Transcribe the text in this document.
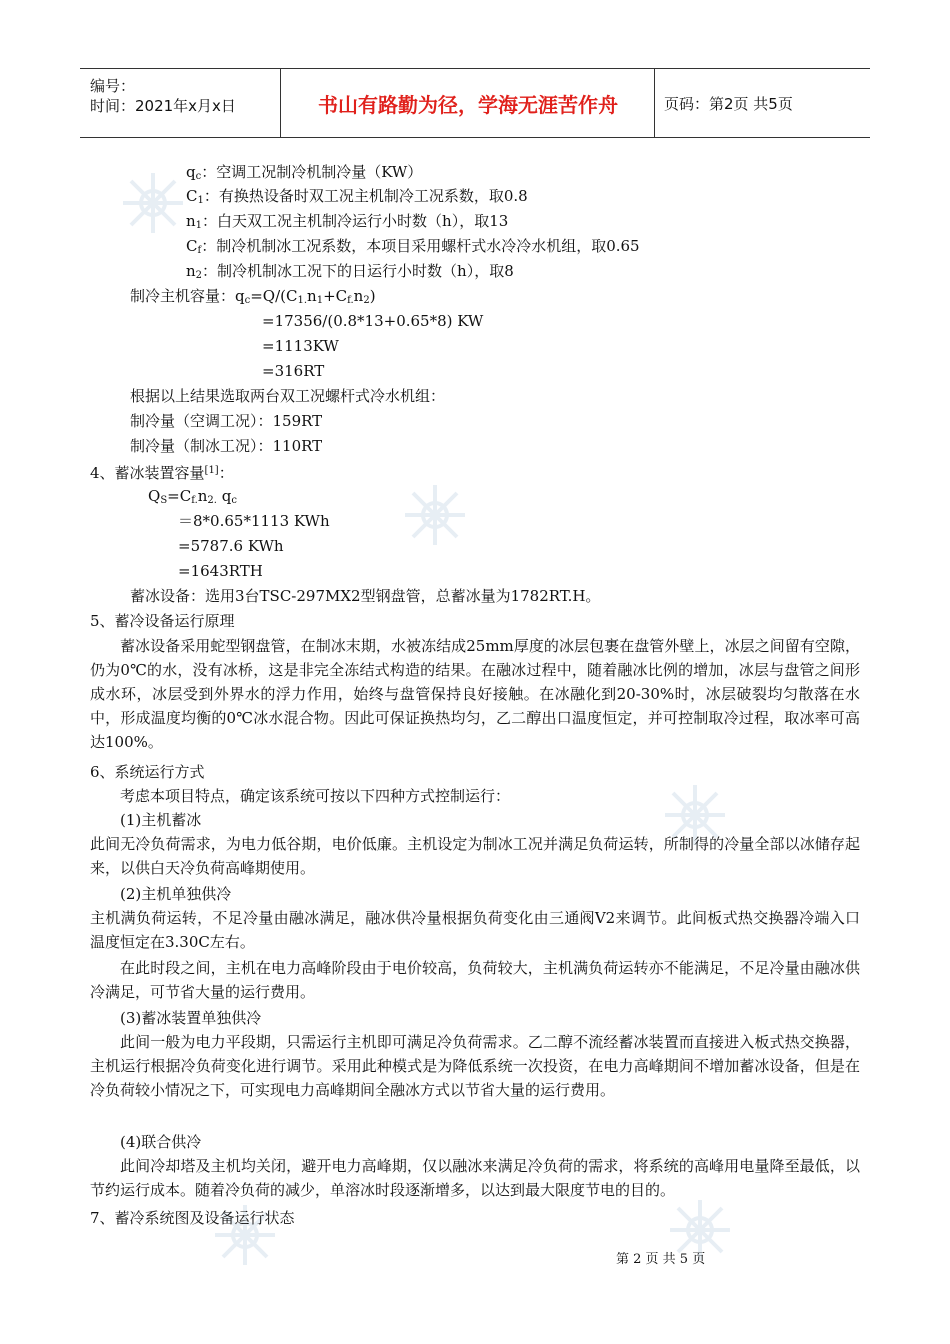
编号：
时间：2021年x月x日	书山有路勤为径，学海无涯苦作舟	页码：第2页 共5页
$q_c$：空调工况制冷机制冷量（KW）
$C_1$：有换热设备时双工况主机制冷工况系数，取0.8
$n_1$：白天双工况主机制冷运行小时数（h），取13
$C_f$：制冷机制冰工况系数，本项目采用螺杆式水冷冷水机组，取0.65
$n_2$：制冷机制冰工况下的日运行小时数（h），取8
制冷主机容量：$q_c=Q/(C_{1.}n_1+C_{f.}n_2)$
=17356/(0.8*13+0.65*8) KW
=1113KW
=316RT
根据以上结果选取两台双工况螺杆式冷水机组：
制冷量（空调工况）：159RT
制冷量（制冰工况）：110RT
4、蓄冰装置容量[1]：
$Q_S=C_{f.}n_{2.}$ $q_c$
＝8*0.65*1113 KWh
=5787.6 KWh
=1643RTH
蓄冰设备：选用3台TSC-297MX2型钢盘管，总蓄冰量为1782RT.H。
5、蓄冷设备运行原理
蓄冰设备采用蛇型钢盘管，在制冰末期，水被冻结成25mm厚度的冰层包裹在盘管外壁上，冰层之间留有空隙，仍为0℃的水，没有冰桥，这是非完全冻结式构造的结果。在融冰过程中，随着融冰比例的增加，冰层与盘管之间形成水环，冰层受到外界水的浮力作用，始终与盘管保持良好接触。在冰融化到20-30%时，冰层破裂均匀散落在水中，形成温度均衡的0℃冰水混合物。因此可保证换热均匀，乙二醇出口温度恒定，并可控制取冷过程，取冰率可高达100%。
6、系统运行方式
考虑本项目特点，确定该系统可按以下四种方式控制运行：
(1)主机蓄冰
此间无冷负荷需求，为电力低谷期，电价低廉。主机设定为制冰工况并满足负荷运转，所制得的冷量全部以冰储存起来，以供白天冷负荷高峰期使用。
(2)主机单独供冷
主机满负荷运转，不足冷量由融冰满足，融冰供冷量根据负荷变化由三通阀V2来调节。此间板式热交换器冷端入口温度恒定在3.30C左右。
在此时段之间，主机在电力高峰阶段由于电价较高，负荷较大，主机满负荷运转亦不能满足，不足冷量由融冰供冷满足，可节省大量的运行费用。
(3)蓄冰装置单独供冷
此间一般为电力平段期，只需运行主机即可满足冷负荷需求。乙二醇不流经蓄冰装置而直接进入板式热交换器，主机运行根据冷负荷变化进行调节。采用此种模式是为降低系统一次投资，在电力高峰期间不增加蓄冰设备，但是在冷负荷较小情况之下，可实现电力高峰期间全融冰方式以节省大量的运行费用。
(4)联合供冷
此间冷却塔及主机均关闭，避开电力高峰期，仅以融冰来满足冷负荷的需求，将系统的高峰用电量降至最低，以节约运行成本。随着冷负荷的减少，单溶冰时段逐渐增多，以达到最大限度节电的目的。
7、蓄冷系统图及设备运行状态
第 2 页 共 5 页
